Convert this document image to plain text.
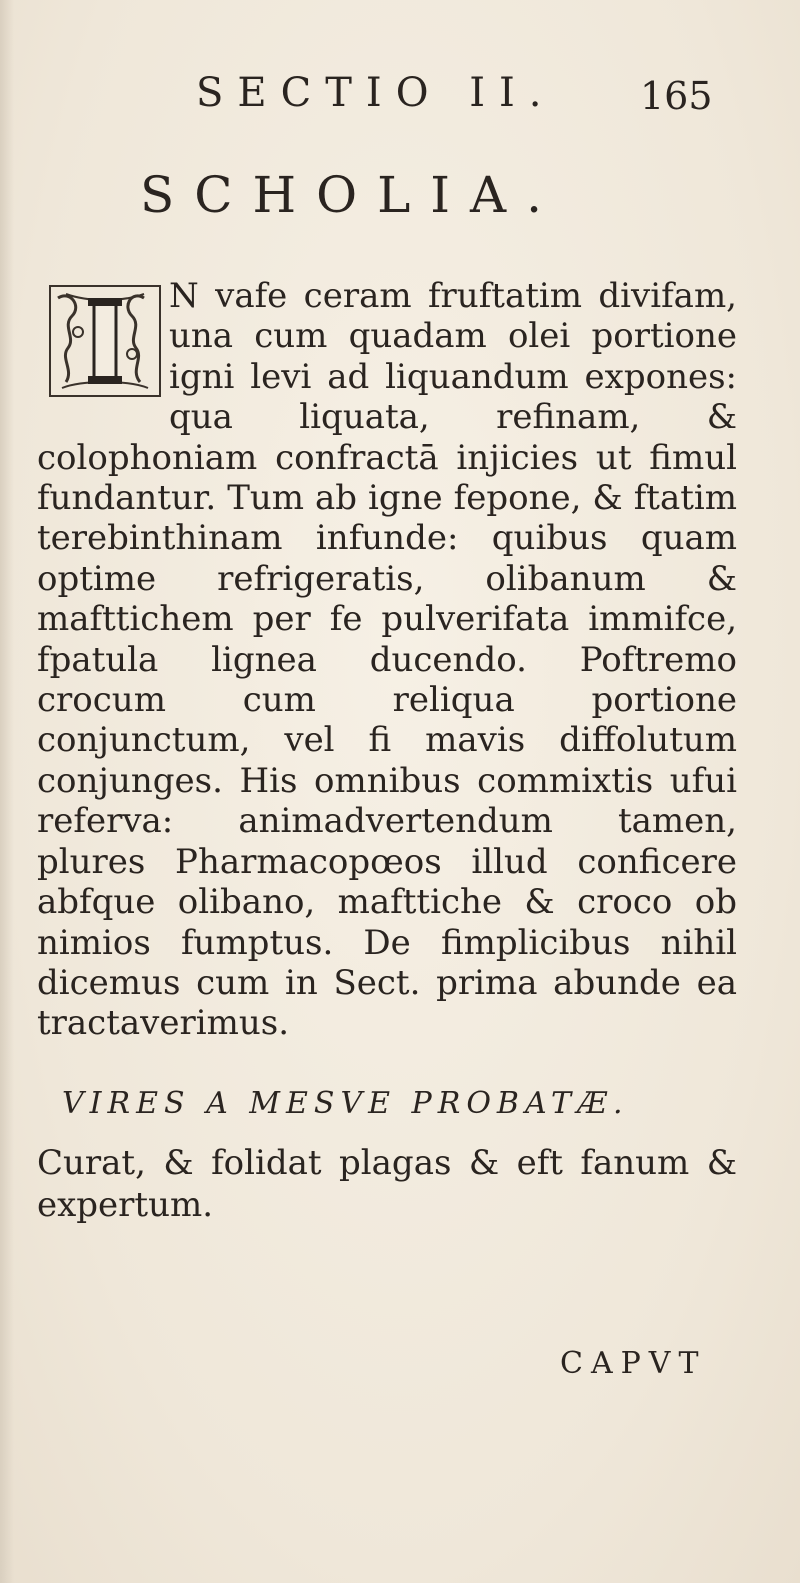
SECTIO II. 165
SCHOLIA.
N vafe ceram fruftatim divifam, una cum quadam olei portione igni levi ad liquandum expones: qua liquata, refinam, & colophoniam confractā injicies ut fimul fundantur. Tum ab igne fepone, & ftatim terebinthinam infunde: quibus quam optime refrigeratis, olibanum & mafttichem per fe pulverifata immifce, fpatula lignea ducendo. Poftremo crocum cum reliqua portione conjunctum, vel fi mavis diffolutum conjunges. His omnibus commixtis ufui referva: animadvertendum tamen, plures Pharmacopœos illud conficere abfque olibano, mafttiche & croco ob nimios fumptus. De fimplicibus nihil dicemus cum in Sect. prima abunde ea tractaverimus.
VIRES A MESVE PROBATÆ.
Curat, & folidat plagas & eft fanum & expertum.
CAPVT
